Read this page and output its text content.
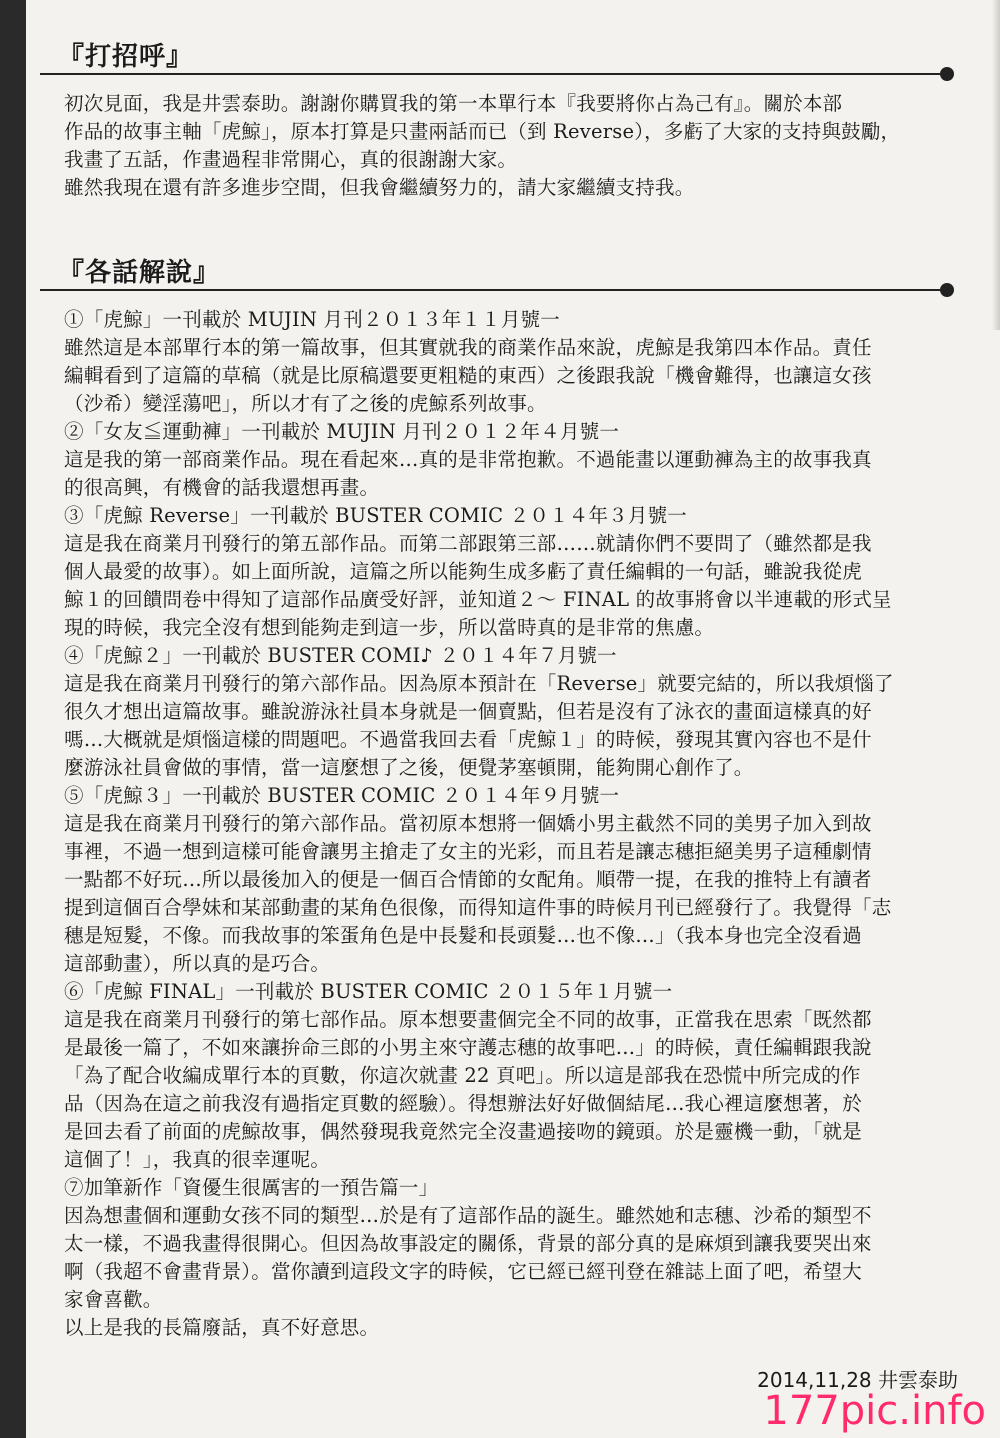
『打招呼』
初次見面，我是井雲泰助。謝謝你購買我的第一本單行本『我要將你占為己有』。關於本部
作品的故事主軸「虎鯨」，原本打算是只畫兩話而已（到 Reverse），多虧了大家的支持與鼓勵，
我畫了五話，作畫過程非常開心，真的很謝謝大家。
雖然我現在還有許多進步空間，但我會繼續努力的，請大家繼續支持我。
『各話解說』
①「虎鯨」一刊載於 MUJIN 月刊２０１３年１１月號一
雖然這是本部單行本的第一篇故事，但其實就我的商業作品來說，虎鯨是我第四本作品。責任
編輯看到了這篇的草稿（就是比原稿還要更粗糙的東西）之後跟我說「機會難得，也讓這女孩
（沙希）變淫蕩吧」，所以才有了之後的虎鯨系列故事。
②「女友≦運動褲」一刊載於 MUJIN 月刊２０１２年４月號一
這是我的第一部商業作品。現在看起來…真的是非常抱歉。不過能畫以運動褲為主的故事我真
的很高興，有機會的話我還想再畫。
③「虎鯨 Reverse」一刊載於 BUSTER COMIC ２０１４年３月號一
這是我在商業月刊發行的第五部作品。而第二部跟第三部……就請你們不要問了（雖然都是我
個人最愛的故事）。如上面所說，這篇之所以能夠生成多虧了責任編輯的一句話，雖說我從虎
鯨１的回饋問卷中得知了這部作品廣受好評，並知道２～ FINAL 的故事將會以半連載的形式呈
現的時候，我完全沒有想到能夠走到這一步，所以當時真的是非常的焦慮。
④「虎鯨２」一刊載於 BUSTER COMI♪ ２０１４年７月號一
這是我在商業月刊發行的第六部作品。因為原本預計在「Reverse」就要完結的，所以我煩惱了
很久才想出這篇故事。雖說游泳社員本身就是一個賣點，但若是沒有了泳衣的畫面這樣真的好
嗎…大概就是煩惱這樣的問題吧。不過當我回去看「虎鯨１」的時候，發現其實內容也不是什
麼游泳社員會做的事情，當一這麼想了之後，便覺茅塞頓開，能夠開心創作了。
⑤「虎鯨３」一刊載於 BUSTER COMIC ２０１４年９月號一
這是我在商業月刊發行的第六部作品。當初原本想將一個嬌小男主截然不同的美男子加入到故
事裡，不過一想到這樣可能會讓男主搶走了女主的光彩，而且若是讓志穗拒絕美男子這種劇情
一點都不好玩…所以最後加入的便是一個百合情節的女配角。順帶一提，在我的推特上有讀者
提到這個百合學妹和某部動畫的某角色很像，而得知這件事的時候月刊已經發行了。我覺得「志
穗是短髮，不像。而我故事的笨蛋角色是中長髮和長頭髮…也不像…」（我本身也完全沒看過
這部動畫），所以真的是巧合。
⑥「虎鯨 FINAL」一刊載於 BUSTER COMIC ２０１５年１月號一
這是我在商業月刊發行的第七部作品。原本想要畫個完全不同的故事，正當我在思索「既然都
是最後一篇了，不如來讓拚命三郎的小男主來守護志穗的故事吧…」的時候，責任編輯跟我說
「為了配合收編成單行本的頁數，你這次就畫 22 頁吧」。所以這是部我在恐慌中所完成的作
品（因為在這之前我沒有過指定頁數的經驗）。得想辦法好好做個結尾…我心裡這麼想著，於
是回去看了前面的虎鯨故事，偶然發現我竟然完全沒畫過接吻的鏡頭。於是靈機一動，「就是
這個了！」，我真的很幸運呢。
⑦加筆新作「資優生很厲害的一預告篇一」
因為想畫個和運動女孩不同的類型…於是有了這部作品的誕生。雖然她和志穗、沙希的類型不
太一樣，不過我畫得很開心。但因為故事設定的關係，背景的部分真的是麻煩到讓我要哭出來
啊（我超不會畫背景）。當你讀到這段文字的時候，它已經已經刊登在雜誌上面了吧，希望大
家會喜歡。
以上是我的長篇廢話，真不好意思。
2014,11,28 井雲泰助
177pic.info
